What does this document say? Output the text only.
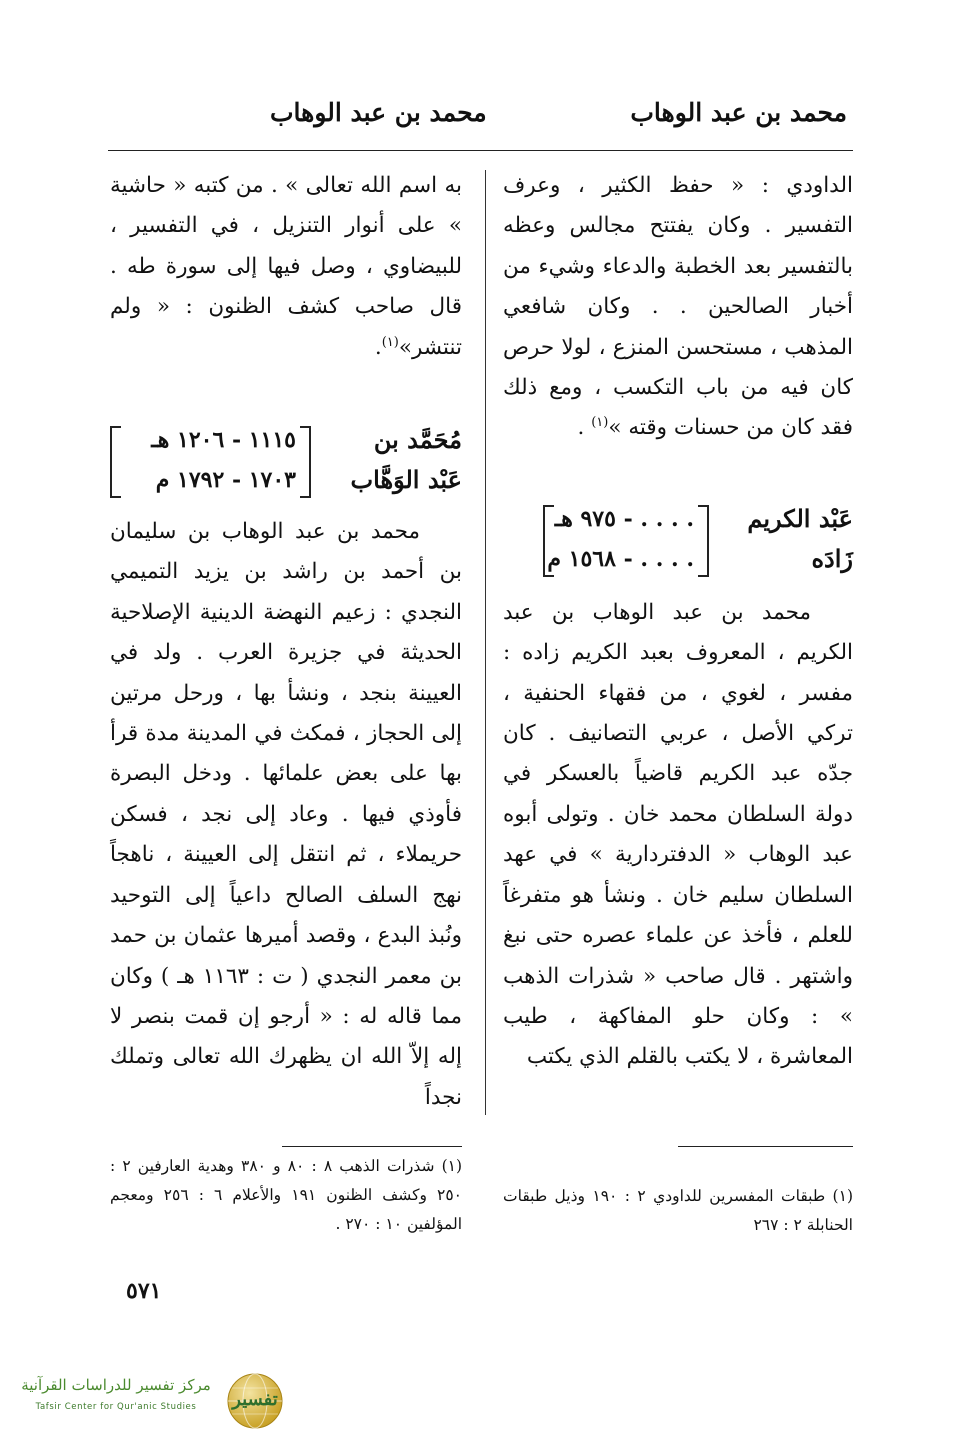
محمد بن عبد الوهاب
محمد بن عبد الوهاب

الداودي : « حفظ الكثير ، وعرف التفسير . وكان يفتتح مجالس وعظه بالتفسير بعد الخطبة والدعاء وشيء من أخبار الصالحين . . وكان شافعي المذهب ، مستحسن المنزع ، لولا حرص كان فيه من باب التكسب ، ومع ذلك فقد كان من حسنات وقته »$^{(١)}$ .

عَبْد الكريم
زَادَه
. . . . - ٩٧٥ هـ
. . . . - ١٥٦٨ م

محمد بن عبد الوهاب بن عبد الكريم ، المعروف بعبد الكريم زاده : مفسر ، لغوي ، من فقهاء الحنفية ، تركي الأصل ، عربي التصانيف . كان جدّه عبد الكريم قاضياً بالعسكر في دولة السلطان محمد خان . وتولى أبوه عبد الوهاب « الدفتردارية » في عهد السلطان سليم خان . ونشأ هو متفرغاً للعلم ، فأخذ عن علماء عصره حتى نبغ واشتهر . قال صاحب « شذرات الذهب » : وكان حلو المفاكهة ، طيب المعاشرة ، لا يكتب بالقلم الذي يكتب

به اسم الله تعالى » . من كتبه « حاشية » على أنوار التنزيل ، في التفسير ، للبيضاوي ، وصل فيها إلى سورة طه . قال صاحب كشف الظنون : « ولم تنتشر»$^{(١)}$.

مُحَمَّد بن
عَبْد الوَهَّاب
١١١٥ - ١٢٠٦ هـ
١٧٠٣ - ١٧٩٢ م

محمد بن عبد الوهاب بن سليمان بن أحمد بن راشد بن يزيد التميمي النجدي : زعيم النهضة الدينية الإصلاحية الحديثة في جزيرة العرب . ولد في العيينة بنجد ، ونشأ بها ، ورحل مرتين إلى الحجاز ، فمكث في المدينة مدة قرأ بها على بعض علمائها . ودخل البصرة فأوذي فيها . وعاد إلى نجد ، فسكن حريملاء ، ثم انتقل إلى العيينة ، ناهجاً نهج السلف الصالح داعياً إلى التوحيد ونُبذ البدع ، وقصد أميرها عثمان بن حمد بن معمر النجدي ( ت : ١١٦٣ هـ ) وكان مما قاله له : « أرجو إن قمت بنصر لا إله إلاّ الله ان يظهرك الله تعالى وتملك نجداً

(١) طبقات المفسرين للداودي ٢ : ١٩٠ وذيل طبقات الحنابلة ٢ : ٢٦٧
(١) شذرات الذهب ٨ : ٨٠ و ٣٨٠ وهدية العارفين ٢ : ٢٥٠ وكشف الظنون ١٩١ والأعلام ٦ : ٢٥٦ ومعجم المؤلفين ١٠ : ٢٧٠ .
٥٧١
تفسير
مركز تفسير للدراسات القرآنية
Tafsir Center for Qur'anic Studies
